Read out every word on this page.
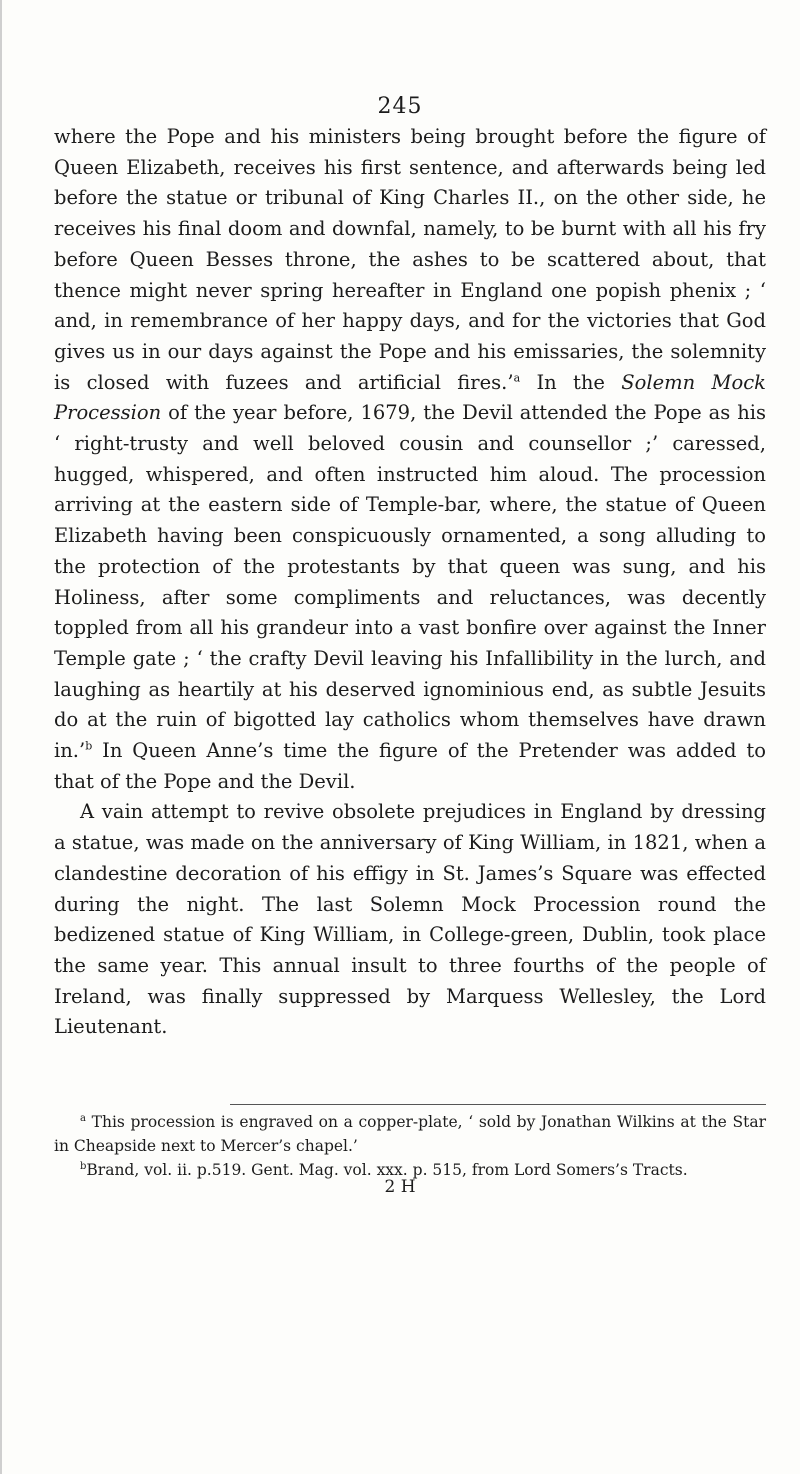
245

where the Pope and his ministers being brought before the figure of Queen Elizabeth, receives his first sentence, and afterwards being led before the statue or tribunal of King Charles II., on the other side, he receives his final doom and downfal, namely, to be burnt with all his fry before Queen Besses throne, the ashes to be scattered about, that thence might never spring hereafter in England one popish phenix ; ‘ and, in remembrance of her happy days, and for the victories that God gives us in our days against the Pope and his emissaries, the solemnity is closed with fuzees and artificial fires.’$^a$ In the Solemn Mock Procession of the year before, 1679, the Devil attended the Pope as his ‘ right-trusty and well beloved cousin and counsellor ;’ caressed, hugged, whispered, and often instructed him aloud. The procession arriving at the eastern side of Temple-bar, where, the statue of Queen Elizabeth having been conspicuously ornamented, a song alluding to the protection of the protestants by that queen was sung, and his Holiness, after some compliments and reluctances, was decently toppled from all his grandeur into a vast bonfire over against the Inner Temple gate ; ‘ the crafty Devil leaving his Infallibility in the lurch, and laughing as heartily at his deserved ignominious end, as subtle Jesuits do at the ruin of bigotted lay catholics whom themselves have drawn in.’$^b$ In Queen Anne’s time the figure of the Pretender was added to that of the Pope and the Devil.

A vain attempt to revive obsolete prejudices in England by dressing a statue, was made on the anniversary of King William, in 1821, when a clandestine decoration of his effigy in St. James’s Square was effected during the night. The last Solemn Mock Procession round the bedizened statue of King William, in College-green, Dublin, took place the same year. This annual insult to three fourths of the people of Ireland, was finally suppressed by Marquess Wellesley, the Lord Lieutenant.

$^a$ This procession is engraved on a copper-plate, ‘ sold by Jonathan Wilkins at the Star in Cheapside next to Mercer’s chapel.’

$^b$Brand, vol. ii. p.519. Gent. Mag. vol. xxx. p. 515, from Lord Somers’s Tracts.

2 H
